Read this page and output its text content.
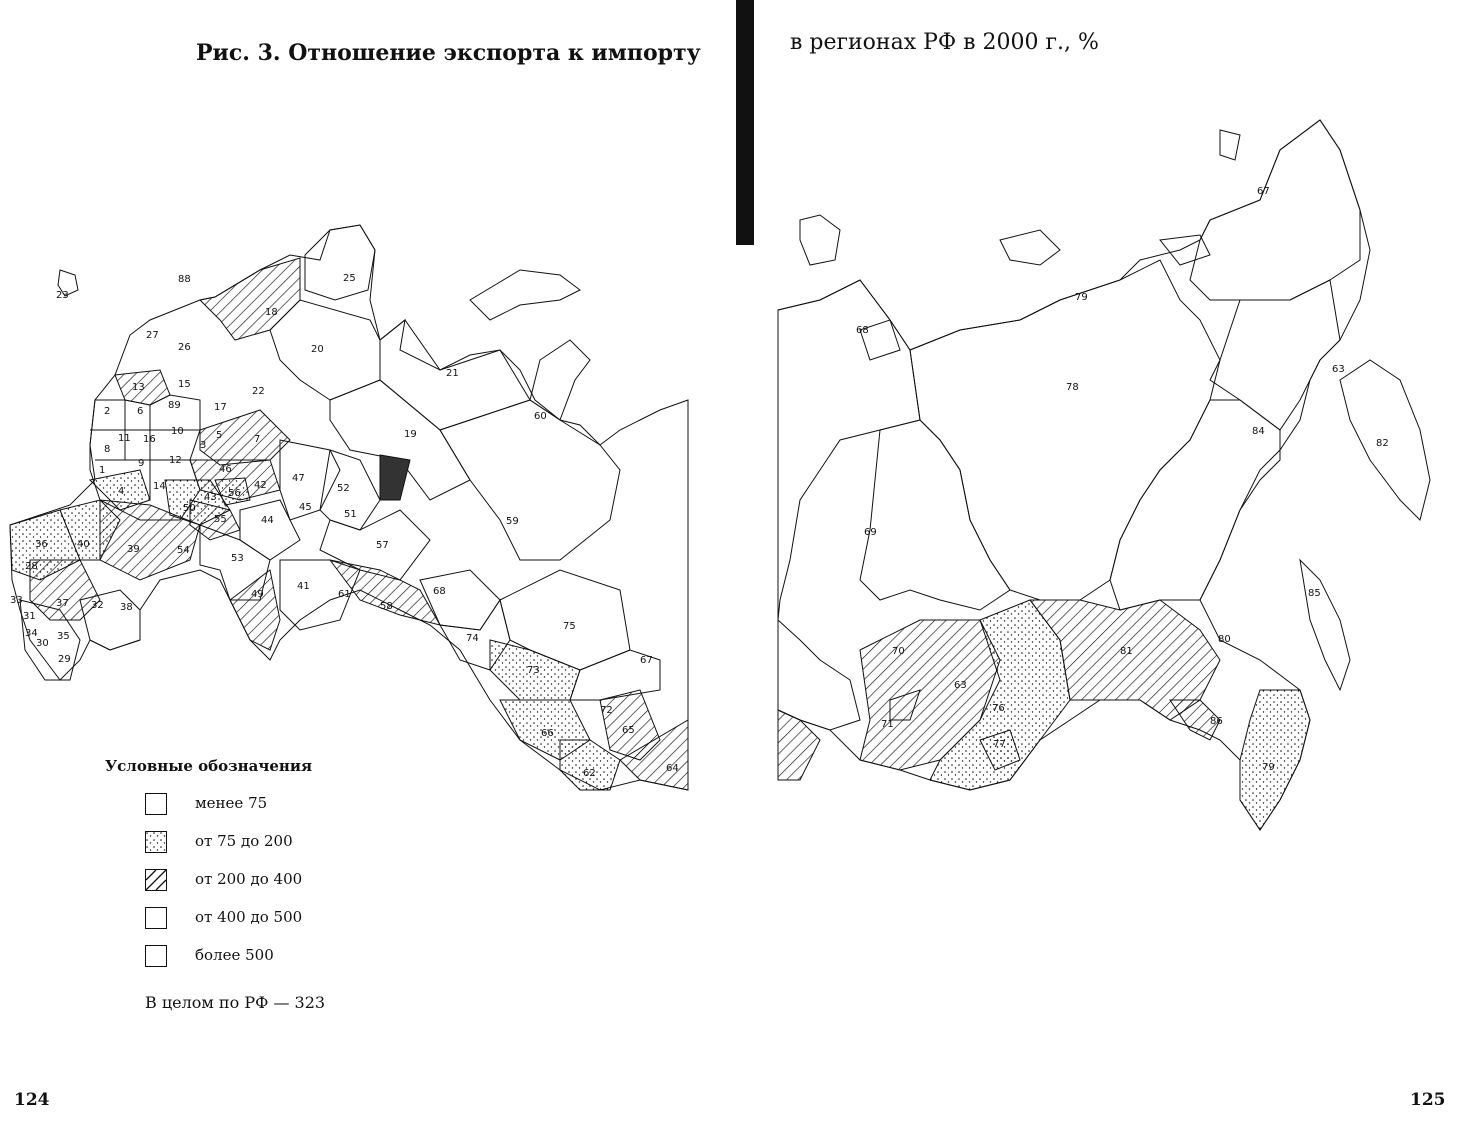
88
23
25
18
27
26	20
13	15
22
21
2	6
89	17
8
11 16
10	5
3
7	19
60
1
9 12
46
42
47
52
4	14
43 56
50
55	44
45
51
59
36	40	39	54
53
57
28
33	37 32 38
49
41
61
58
68
31
34 35
30
29
74
75
73
72
65
66
67
62	64
Рис. 3. Отношение экспорта к импорту
Условные обозначения
менее 75
от 75 до 200
от 200 до 400
от 400 до 500
более 500
В целом по РФ — 323
124
в регионах РФ в 2000 г., %
67
68
79
78
63
82
84
69
85
70
63
81
80
76
71
77
86
79
125
